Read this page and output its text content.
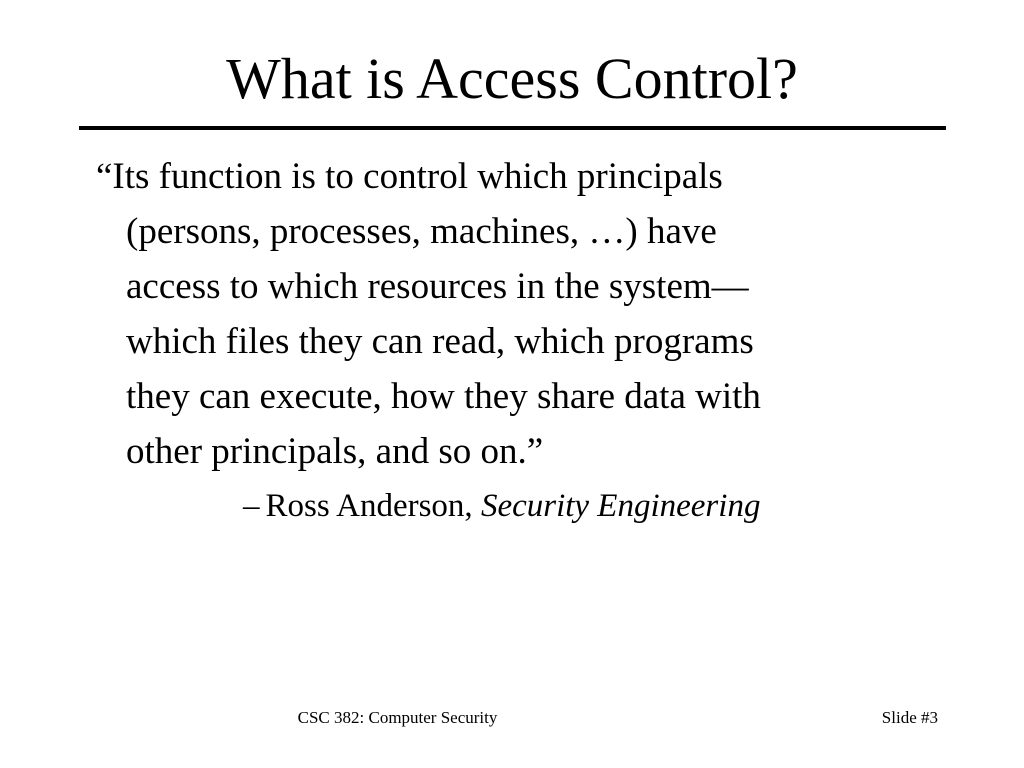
What is Access Control?
“Its function is to control which principals
(persons, processes, machines, …) have
access to which resources in the system—
which files they can read, which programs
they can execute, how they share data with
other principals, and so on.”
– Ross Anderson, Security Engineering
CSC 382: Computer Security	Slide #3
